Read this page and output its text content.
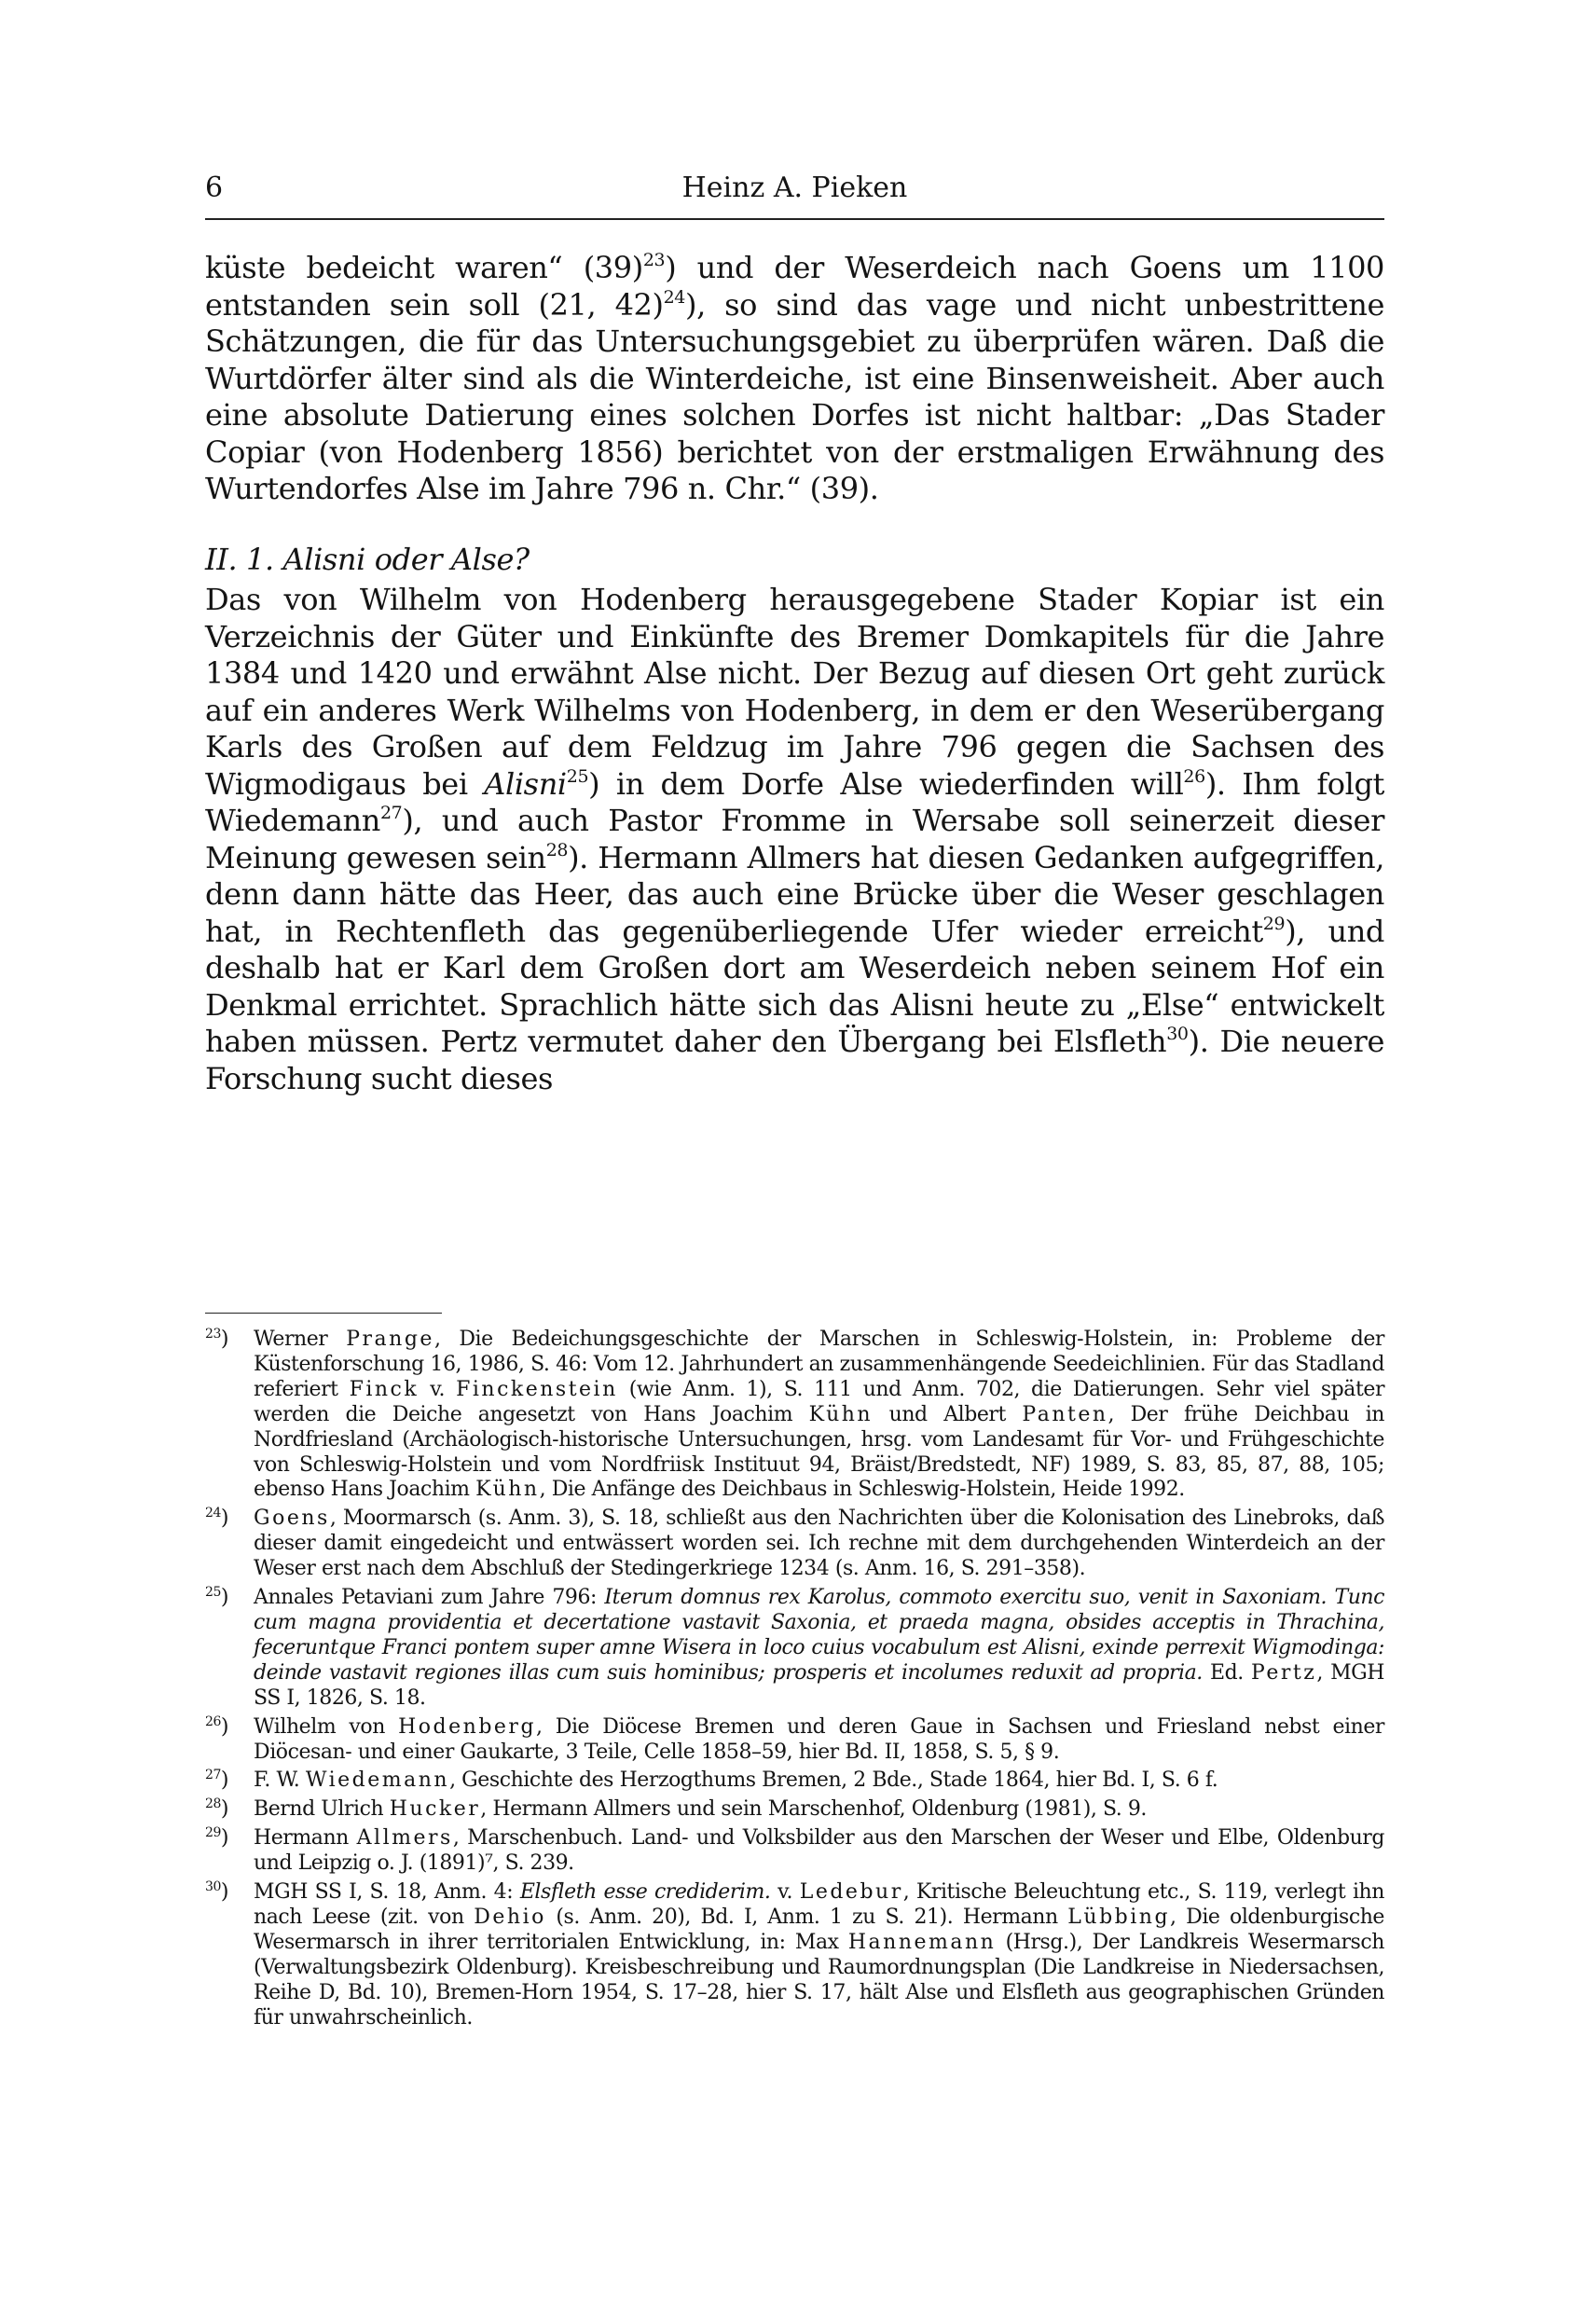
6	Heinz A. Pieken

küste bedeicht waren“ $(39)^{23}$) und der Weserdeich nach Goens um 1100 entstanden sein soll (21, 42)$^{24}$), so sind das vage und nicht unbestrittene Schätzungen, die für das Untersuchungsgebiet zu überprüfen wären. Daß die Wurtdörfer älter sind als die Winterdeiche, ist eine Binsenweisheit. Aber auch eine absolute Datierung eines solchen Dorfes ist nicht haltbar: „Das Stader Copiar (von Hodenberg 1856) berichtet von der erstmaligen Erwähnung des Wurtendorfes Alse im Jahre 796 n. Chr.“ (39).

II. 1. Alisni oder Alse?

Das von Wilhelm von Hodenberg herausgegebene Stader Kopiar ist ein Verzeichnis der Güter und Einkünfte des Bremer Domkapitels für die Jahre 1384 und 1420 und erwähnt Alse nicht. Der Bezug auf diesen Ort geht zurück auf ein anderes Werk Wilhelms von Hodenberg, in dem er den Weserübergang Karls des Großen auf dem Feldzug im Jahre 796 gegen die Sachsen des Wigmodigaus bei Alisni$^{25}$) in dem Dorfe Alse wiederfinden will$^{26}$). Ihm folgt Wiedemann$^{27}$), und auch Pastor Fromme in Wersabe soll seinerzeit dieser Meinung gewesen sein$^{28}$). Hermann Allmers hat diesen Gedanken aufgegriffen, denn dann hätte das Heer, das auch eine Brücke über die Weser geschlagen hat, in Rechtenfleth das gegenüberliegende Ufer wieder erreicht$^{29}$), und deshalb hat er Karl dem Großen dort am Weserdeich neben seinem Hof ein Denkmal errichtet. Sprachlich hätte sich das Alisni heute zu „Else“ entwickelt haben müssen. Pertz vermutet daher den Übergang bei Elsfleth$^{30}$). Die neuere Forschung sucht dieses

$^{23}$) Werner Prange, Die Bedeichungsgeschichte der Marschen in Schleswig-Holstein, in: Probleme der Küstenforschung 16, 1986, S. 46: Vom 12. Jahrhundert an zusammenhängende Seedeichlinien. Für das Stadland referiert Finck v. Finckenstein (wie Anm. 1), S. 111 und Anm. 702, die Datierungen. Sehr viel später werden die Deiche angesetzt von Hans Joachim Kühn und Albert Panten, Der frühe Deichbau in Nordfriesland (Archäologisch-historische Untersuchungen, hrsg. vom Landesamt für Vor- und Frühgeschichte von Schleswig-Holstein und vom Nordfriisk Instituut 94, Bräist/Bredstedt, NF) 1989, S. 83, 85, 87, 88, 105; ebenso Hans Joachim Kühn, Die Anfänge des Deichbaus in Schleswig-Holstein, Heide 1992.
$^{24}$) Goens, Moormarsch (s. Anm. 3), S. 18, schließt aus den Nachrichten über die Kolonisation des Linebroks, daß dieser damit eingedeicht und entwässert worden sei. Ich rechne mit dem durchgehenden Winterdeich an der Weser erst nach dem Abschluß der Stedingerkriege 1234 (s. Anm. 16, S. 291–358).
$^{25}$) Annales Petaviani zum Jahre 796: Iterum domnus rex Karolus, commoto exercitu suo, venit in Saxoniam. Tunc cum magna providentia et decertatione vastavit Saxonia, et praeda magna, obsides acceptis in Thrachina, feceruntque Franci pontem super amne Wisera in loco cuius vocabulum est Alisni, exinde perrexit Wigmodinga: deinde vastavit regiones illas cum suis hominibus; prosperis et incolumes reduxit ad propria. Ed. Pertz, MGH SS I, 1826, S. 18.
$^{26}$) Wilhelm von Hodenberg, Die Diöcese Bremen und deren Gaue in Sachsen und Friesland nebst einer Diöcesan- und einer Gaukarte, 3 Teile, Celle 1858–59, hier Bd. II, 1858, S. 5, § 9.
$^{27}$) F. W. Wiedemann, Geschichte des Herzogthums Bremen, 2 Bde., Stade 1864, hier Bd. I, S. 6 f.
$^{28}$) Bernd Ulrich Hucker, Hermann Allmers und sein Marschenhof, Oldenburg (1981), S. 9.
$^{29}$) Hermann Allmers, Marschenbuch. Land- und Volksbilder aus den Marschen der Weser und Elbe, Oldenburg und Leipzig o. J. (1891)⁷, S. 239.
$^{30}$) MGH SS I, S. 18, Anm. 4: Elsfleth esse crediderim. v. Ledebur, Kritische Beleuchtung etc., S. 119, verlegt ihn nach Leese (zit. von Dehio (s. Anm. 20), Bd. I, Anm. 1 zu S. 21). Hermann Lübbing, Die oldenburgische Wesermarsch in ihrer territorialen Entwicklung, in: Max Hannemann (Hrsg.), Der Landkreis Wesermarsch (Verwaltungsbezirk Oldenburg). Kreisbeschreibung und Raumordnungsplan (Die Landkreise in Niedersachsen, Reihe D, Bd. 10), Bremen-Horn 1954, S. 17–28, hier S. 17, hält Alse und Elsfleth aus geographischen Gründen für unwahrscheinlich.
